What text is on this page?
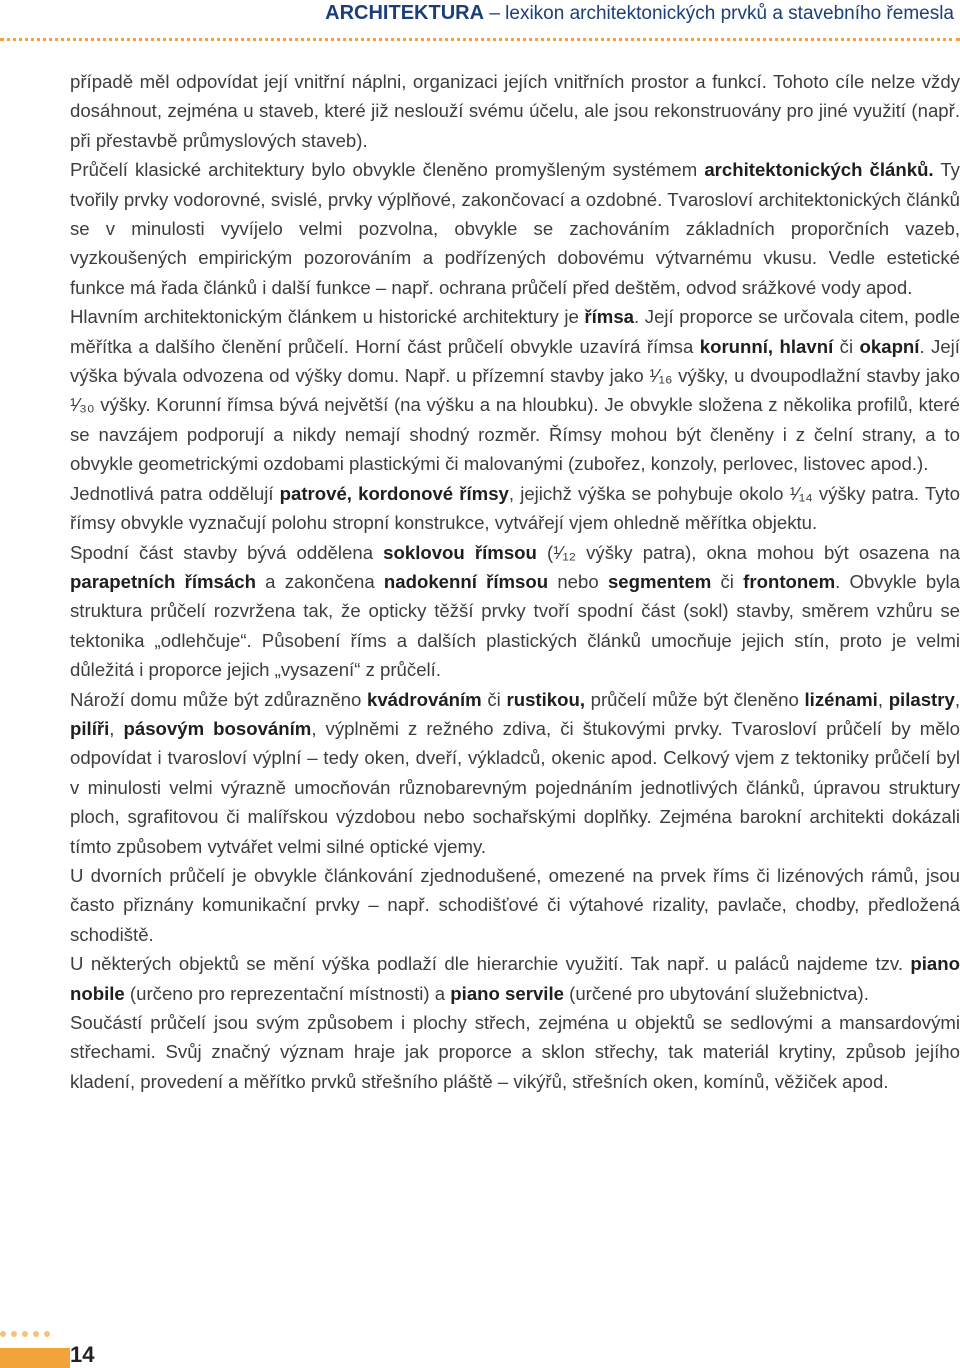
ARCHITEKTURA – lexikon architektonických prvků a stavebního řemesla

případě měl odpovídat její vnitřní náplni, organizaci jejích vnitřních prostor a funkcí. Tohoto cíle nelze vždy dosáhnout, zejména u staveb, které již neslouží svému účelu, ale jsou rekonstruovány pro jiné využití (např. při přestavbě průmyslových staveb).

Průčelí klasické architektury bylo obvykle členěno promyšleným systémem architektonických článků. Ty tvořily prvky vodorovné, svislé, prvky výplňové, zakončovací a ozdobné. Tvarosloví architektonických článků se v minulosti vyvíjelo velmi pozvolna, obvykle se zachováním základních proporčních vazeb, vyzkoušených empirickým pozorováním a podřízených dobovému výtvarnému vkusu. Vedle estetické funkce má řada článků i další funkce – např. ochrana průčelí před deštěm, odvod srážkové vody apod.

Hlavním architektonickým článkem u historické architektury je římsa. Její proporce se určovala citem, podle měřítka a dalšího členění průčelí. Horní část průčelí obvykle uzavírá římsa korunní, hlavní či okapní. Její výška bývala odvozena od výšky domu. Např. u přízemní stavby jako ¹⁄₁₆ výšky, u dvoupodlažní stavby jako ¹⁄₃₀ výšky. Korunní římsa bývá největší (na výšku a na hloubku). Je obvykle složena z několika profilů, které se navzájem podporují a nikdy nemají shodný rozměr. Římsy mohou být členěny i z čelní strany, a to obvykle geometrickými ozdobami plastickými či malovanými (zubořez, konzoly, perlovec, listovec apod.).

Jednotlivá patra oddělují patrové, kordonové římsy, jejichž výška se pohybuje okolo ¹⁄₁₄ výšky patra. Tyto římsy obvykle vyznačují polohu stropní konstrukce, vytvářejí vjem ohledně měřítka objektu.

Spodní část stavby bývá oddělena soklovou římsou (¹⁄₁₂ výšky patra), okna mohou být osazena na parapetních římsách a zakončena nadokenní římsou nebo segmentem či frontonem. Obvykle byla struktura průčelí rozvržena tak, že opticky těžší prvky tvoří spodní část (sokl) stavby, směrem vzhůru se tektonika „odlehčuje“. Působení říms a dalších plastických článků umocňuje jejich stín, proto je velmi důležitá i proporce jejich „vysazení“ z průčelí.

Nároží domu může být zdůrazněno kvádrováním či rustikou, průčelí může být členěno lizénami, pilastry, pilíři, pásovým bosováním, výplněmi z režného zdiva, či štukovými prvky. Tvarosloví průčelí by mělo odpovídat i tvarosloví výplní – tedy oken, dveří, výkladců, okenic apod. Celkový vjem z tektoniky průčelí byl v minulosti velmi výrazně umocňován různobarevným pojednáním jednotlivých článků, úpravou struktury ploch, sgrafitovou či malířskou výzdobou nebo sochařskými doplňky. Zejména barokní architekti dokázali tímto způsobem vytvářet velmi silné optické vjemy.

U dvorních průčelí je obvykle článkování zjednodušené, omezené na prvek říms či lizénových rámů, jsou často přiznány komunikační prvky – např. schodišťové či výtahové rizality, pavlače, chodby, předložená schodiště.

U některých objektů se mění výška podlaží dle hierarchie využití. Tak např. u paláců najdeme tzv. piano nobile (určeno pro reprezentační místnosti) a piano servile (určené pro ubytování služebnictva).

Součástí průčelí jsou svým způsobem i plochy střech, zejména u objektů se sedlovými a mansardovými střechami. Svůj značný význam hraje jak proporce a sklon střechy, tak materiál krytiny, způsob jejího kladení, provedení a měřítko prvků střešního pláště – vikýřů, střešních oken, komínů, věžiček apod.

14
